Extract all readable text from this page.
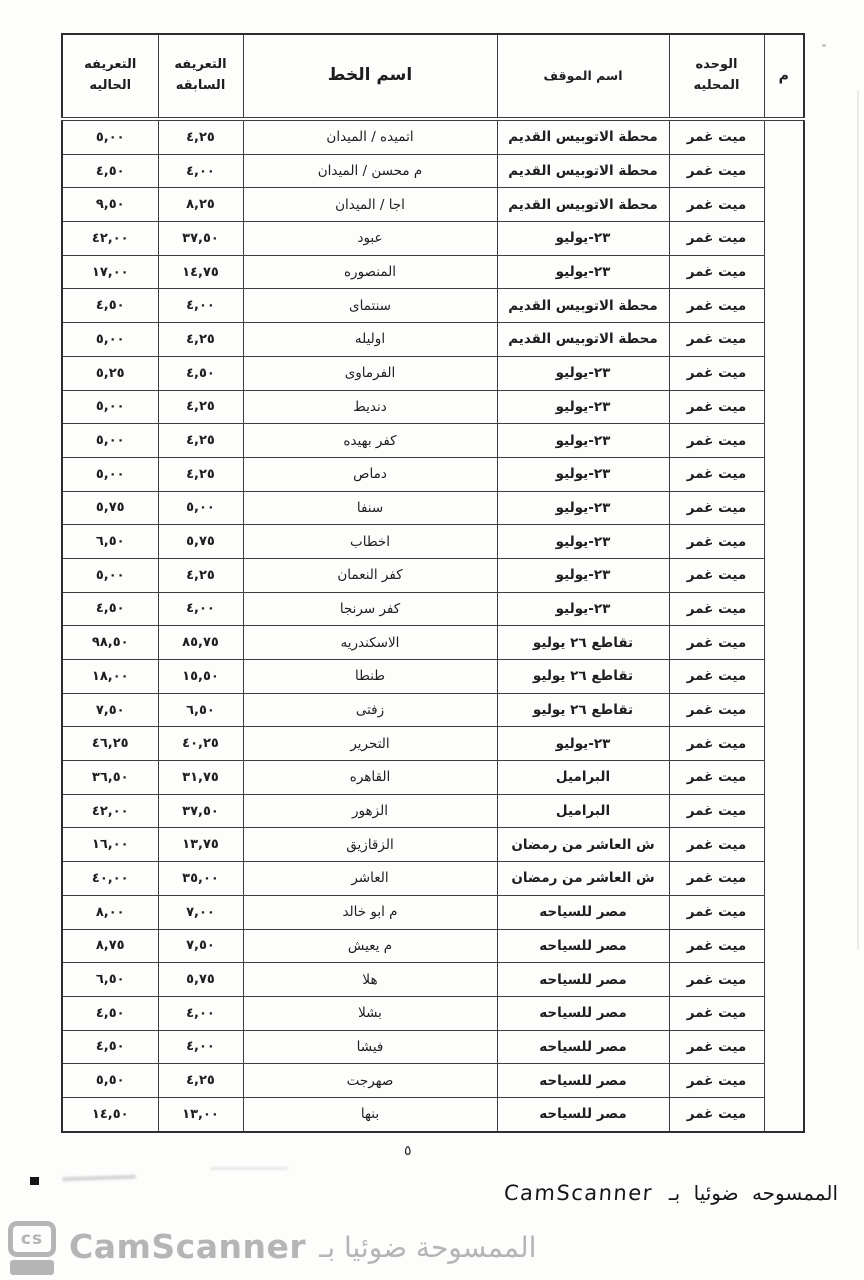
م	الوحده المحليه	اسم الموقف	اسم الخط	التعريفه السابقه	التعريفه الحاليه
	ميت غمر	محطة الاتوبيس القديم	اتميده / الميدان	٤,٢٥	٥,٠٠
	ميت غمر	محطة الاتوبيس القديم	م محسن / الميدان	٤,٠٠	٤,٥٠
	ميت غمر	محطة الاتوبيس القديم	اجا / الميدان	٨,٢٥	٩,٥٠
	ميت غمر	٢٣-يوليو	عبود	٣٧,٥٠	٤٢,٠٠
	ميت غمر	٢٣-يوليو	المنصوره	١٤,٧٥	١٧,٠٠
	ميت غمر	محطة الاتوبيس القديم	سنتماى	٤,٠٠	٤,٥٠
	ميت غمر	محطة الاتوبيس القديم	اوليله	٤,٢٥	٥,٠٠
	ميت غمر	٢٣-يوليو	الفرماوى	٤,٥٠	٥,٢٥
	ميت غمر	٢٣-يوليو	دنديط	٤,٢٥	٥,٠٠
	ميت غمر	٢٣-يوليو	كفر بهيده	٤,٢٥	٥,٠٠
	ميت غمر	٢٣-يوليو	دماص	٤,٢٥	٥,٠٠
	ميت غمر	٢٣-يوليو	سنفا	٥,٠٠	٥,٧٥
	ميت غمر	٢٣-يوليو	اخطاب	٥,٧٥	٦,٥٠
	ميت غمر	٢٣-يوليو	كفر النعمان	٤,٢٥	٥,٠٠
	ميت غمر	٢٣-يوليو	كفر سرنجا	٤,٠٠	٤,٥٠
	ميت غمر	تقاطع ٢٦ يوليو	الاسكندريه	٨٥,٧٥	٩٨,٥٠
	ميت غمر	تقاطع ٢٦ يوليو	طنطا	١٥,٥٠	١٨,٠٠
	ميت غمر	تقاطع ٢٦ يوليو	زفتى	٦,٥٠	٧,٥٠
	ميت غمر	٢٣-يوليو	التحرير	٤٠,٢٥	٤٦,٢٥
	ميت غمر	البراميل	القاهره	٣١,٧٥	٣٦,٥٠
	ميت غمر	البراميل	الزهور	٣٧,٥٠	٤٢,٠٠
	ميت غمر	ش العاشر من رمضان	الزقازيق	١٣,٧٥	١٦,٠٠
	ميت غمر	ش العاشر من رمضان	العاشر	٣٥,٠٠	٤٠,٠٠
	ميت غمر	مصر للسياحه	م ابو خالد	٧,٠٠	٨,٠٠
	ميت غمر	مصر للسياحه	م يعيش	٧,٥٠	٨,٧٥
	ميت غمر	مصر للسياحه	هلا	٥,٧٥	٦,٥٠
	ميت غمر	مصر للسياحه	بشلا	٤,٠٠	٤,٥٠
	ميت غمر	مصر للسياحه	فيشا	٤,٠٠	٤,٥٠
	ميت غمر	مصر للسياحه	صهرجت	٤,٢٥	٥,٥٠
	ميت غمر	مصر للسياحه	بنها	١٣,٠٠	١٤,٥٠
٥
الممسوحه ضوئيا بـ
CamScanner
cs CamScanner الممسوحة ضوئيا بـ
